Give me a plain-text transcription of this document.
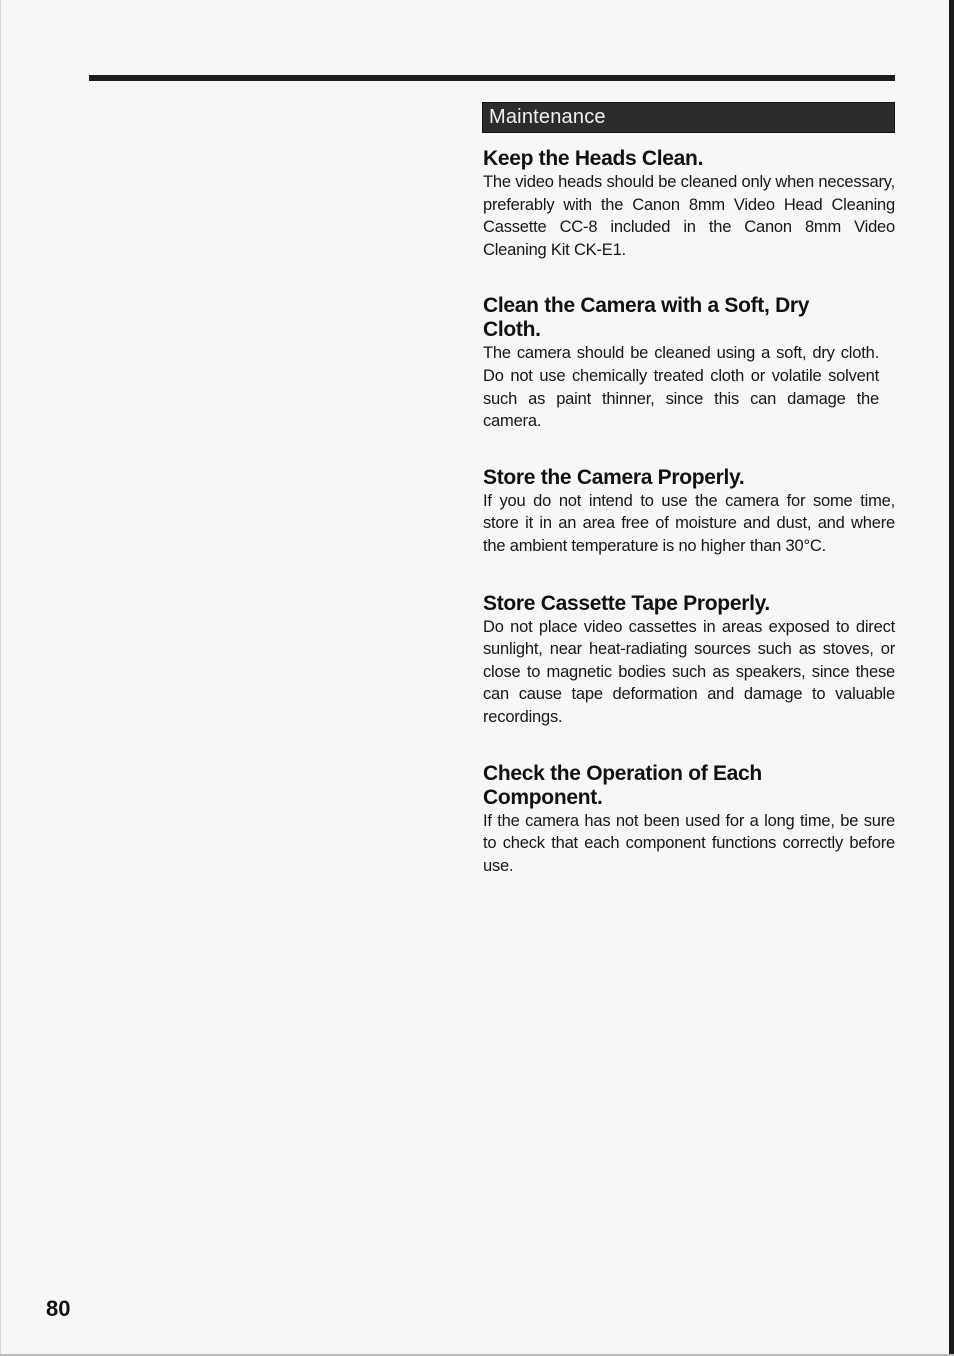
Maintenance
Keep the Heads Clean.

The video heads should be cleaned only when necessary, preferably with the Canon 8mm Video Head Cleaning Cassette CC-8 included in the Canon 8mm Video Cleaning Kit CK-E1.

Clean the Camera with a Soft, Dry Cloth.

The camera should be cleaned using a soft, dry cloth. Do not use chemically treated cloth or volatile solvent such as paint thinner, since this can damage the camera.

Store the Camera Properly.

If you do not intend to use the camera for some time, store it in an area free of moisture and dust, and where the ambient temperature is no higher than 30°C.

Store Cassette Tape Properly.

Do not place video cassettes in areas exposed to direct sunlight, near heat-radiating sources such as stoves, or close to magnetic bodies such as speakers, since these can cause tape deformation and damage to valuable recordings.

Check the Operation of Each Component.

If the camera has not been used for a long time, be sure to check that each component functions correctly before use.

80
